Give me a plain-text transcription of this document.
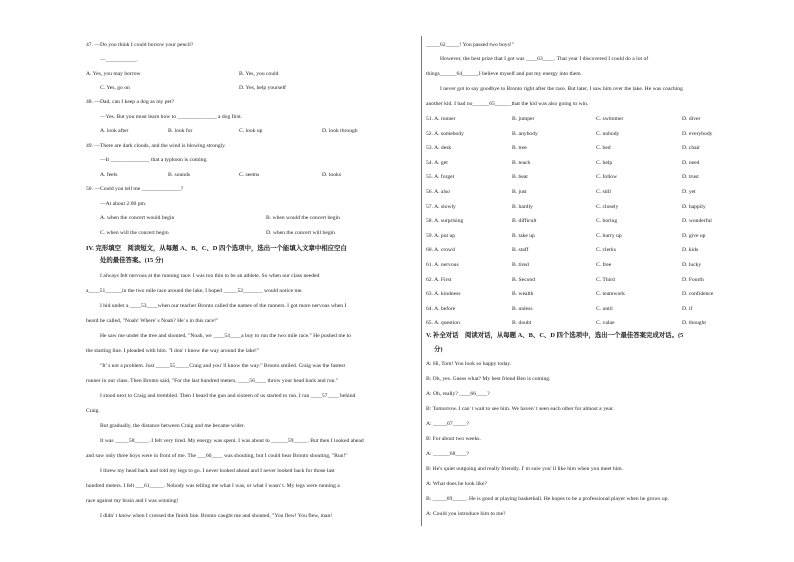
47. —Do you think I could borrow your pencil?
—___________.
A. Yes, you may borrow	B. Yes, you could
C. Yes, go on	D. Yes, help yourself
48. —Dad, can I keep a dog as my pet?
—Yes. But you must learn how to ______________ a dog first.
A. look after	B. look for	C. look up	D. look through
49. —There are dark clouds, and the wind is blowing strongly.
—It ______________ that a typhoon is coming.
A. feels	B. sounds	C. seems	D. looks
50. —Could you tell me ______________?
—At about 2:00 pm.
A. when the concert would begin	B. when would the concert begin
C. when will the concert begin	D. when the concert will begin
IV. 完形填空　阅读短文，从每题 A、B、C、D 四个选项中，选出一个能填入文章中相应空白
处的最佳答案。(15 分)
I always felt nervous at the running race. I was too thin to be an athlete. So when our class needed
a____51______in the two mile race around the lake, I hoped _____52_______ would notice me.
I hid under a ____53____when our teacher Bronto called the names of the runners. I got more nervous when I
heard he called, "Noah! Where' s Noah? He' s in this race!"
He saw me under the tree and shouted, "Noah, we ____54____a boy to run the two mile race." He pushed me to
the starting line. I pleaded with him. "I don' t know the way around the lake!"
"It' s not a problem. Just _____55_____Craig and you' ll know the way." Bronto smiled. Craig was the fastest
runner in our class. Then Bronto said, "For the last hundred meters, ____56____ throw your head back and run."
I stood next to Craig and trembled. Then I heard the gun and sixteen of us started to run. I ran ____57____ behind
Craig.
But gradually, the distance between Craig and me became wider.
It was _____58_____. I felt very tired. My energy was spent. I was about to ______59_____. But then I looked ahead
and saw only three boys were in front of me. The ___60____ was shouting, but I could hear Bronto shouting, "Run!"
I threw my head back and told my legs to go. I never looked ahead and I never looked back for those last
hundred meters. I felt ___61_____. Nobody was telling me what I was, or what I wasn' t. My legs were running a
race against my brain and I was winning!
I didn' t know when I crossed the finish line. Bronto caught me and shouted, "You flew! You flew, man!
_____62_____! You passed two boys!"
However, the best prize that I got was ____63____. That year I discovered I could do a lot of
things______64______I believe myself and put my energy into them.
I never got to say goodbye to Bronto right after the race. But later, I saw him over the lake. He was coaching
another kid. I had no______65______that the kid was also going to win.
51. A. runner	B. jumper	C. swimmer	D. diver
52. A. somebody	B. anybody	C. nobody	D. everybody
53. A. desk	B. tree	C. bed	D. chair
54. A. get	B. teach	C. help	D. need
55. A. forget	B. beat	C. follow	D. trust
56. A. also	B. just	C. still	D. yet
57. A. slowly	B. hardly	C. closely	D. happily
58. A. surprising	B. difficult	C. boring	D. wonderful
59. A. put up	B. take up	C. hurry up	D. give up
60. A. crowd	B. staff	C. clerks	D. kids
61. A. nervous	B. tired	C. free	D. lucky
62. A. First	B. Second	C. Third	D. Fourth
63. A. kindness	B. wealth	C. teamwork	D. confidence
64. A. before	B. unless	C. until	D. if
65. A. question	B. doubt	C. value	D. thought
V. 补全对话　阅读对话，从每题 A、B、C、D 四个选项中，选出一个最佳答案完成对话。(5
分)
A: Hi, Tom! You look so happy today.
B: Oh, yes. Guess what? My best friend Ben is coming.
A: Oh, really? ____66____?
B: Tomorrow. I can' t wait to see him. We haven' t seen each other for almost a year.
A: _____67_____?
B: For about two weeks.
A: ______68____?
B: He's quiet outgoing and really friendly. I' m sure you' ll like him when you meet him.
A: What does he look like?
B: _____69_____. He is good at playing basketball. He hopes to be a professional player when he grows up.
A: Could you introduce him to me?
